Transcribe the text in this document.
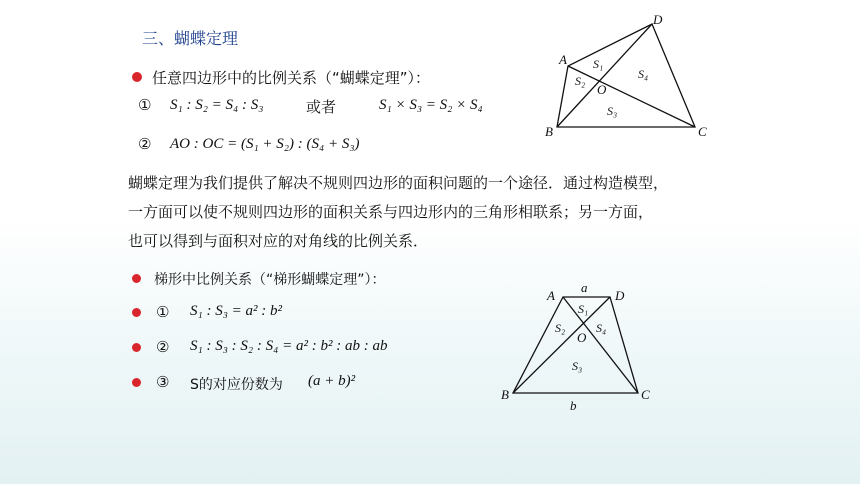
三、蝴蝶定理
任意四边形中的比例关系（“蝴蝶定理”）：
① S₁ : S₂ = S₄ : S₃	或者	S₁ × S₃ = S₂ × S₄
② AO : OC = (S₁ + S₂) : (S₄ + S₃)
A
B	C
D
O
S₁
S₂
S₃
S₄
蝴蝶定理为我们提供了解决不规则四边形的面积问题的一个途径．通过构造模型，
一方面可以使不规则四边形的面积关系与四边形内的三角形相联系；另一方面，
也可以得到与面积对应的对角线的比例关系．
梯形中比例关系（“梯形蝴蝶定理”）：
① S₁ : S₃ = a² : b²
② S₁ : S₃ : S₂ : S₄ = a² : b² : ab : ab
③ S的对应份数为 (a + b)²
a
A	D
B	C
b
O
S₁
S₂	S₄
S₃
